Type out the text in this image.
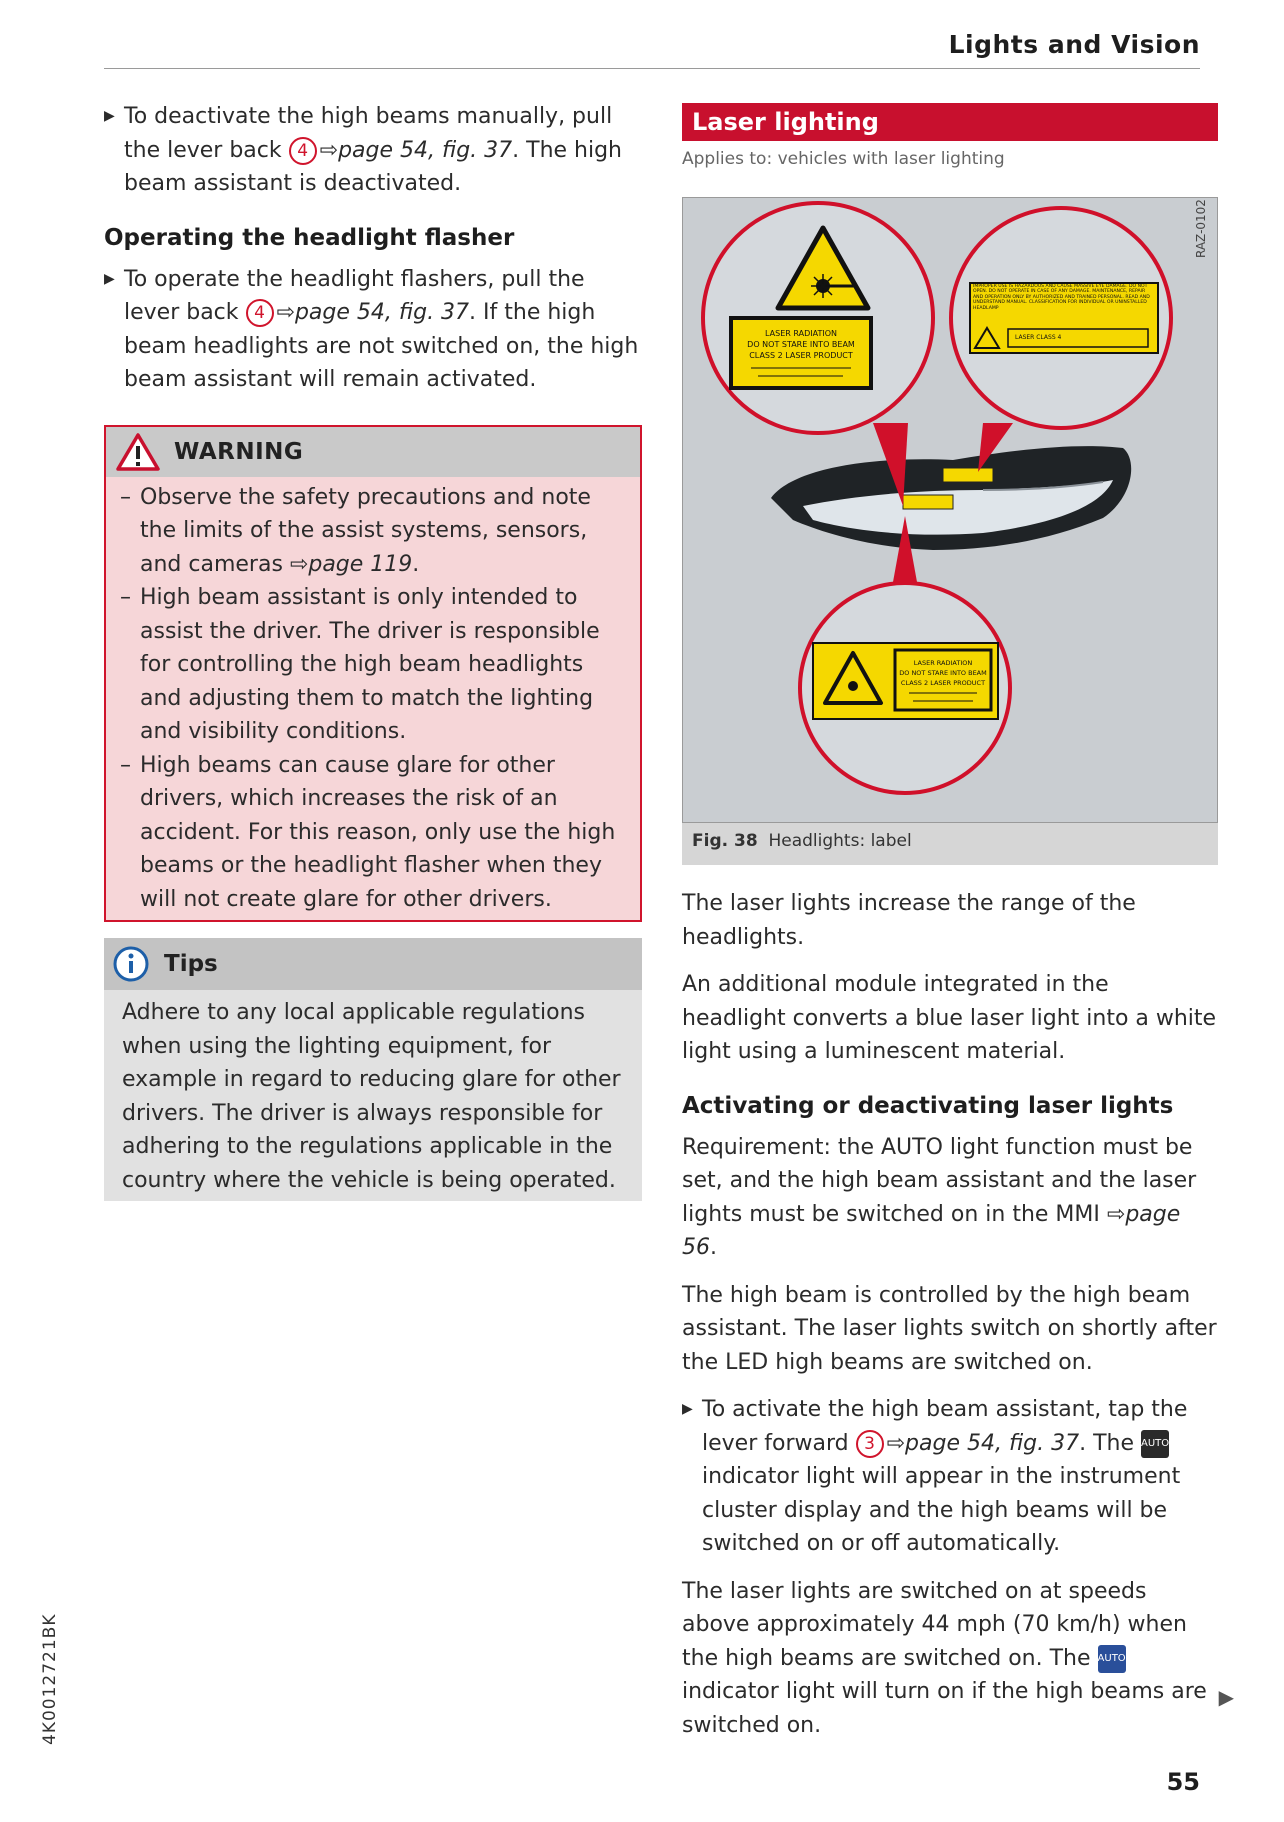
Lights and Vision
▶ To deactivate the high beams manually, pull the lever back 4 ⇨page 54, fig. 37. The high beam assistant is deactivated.
Operating the headlight flasher
▶ To operate the headlight flashers, pull the lever back 4 ⇨page 54, fig. 37. If the high beam headlights are not switched on, the high beam assistant will remain activated.
WARNING
– Observe the safety precautions and note the limits of the assist systems, sensors, and cameras ⇨page 119.
– High beam assistant is only intended to assist the driver. The driver is responsible for controlling the high beam headlights and adjusting them to match the lighting and visibility conditions.
– High beams can cause glare for other drivers, which increases the risk of an accident. For this reason, only use the high beams or the headlight flasher when they will not create glare for other drivers.
Tips

Adhere to any local applicable regulations when using the lighting equipment, for example in regard to reducing glare for other drivers. The driver is always responsible for adhering to the regulations applicable in the country where the vehicle is being operated.

Laser lighting
Applies to: vehicles with laser lighting
RAZ-0102
LASER RADIATION
DO NOT STARE INTO BEAM
CLASS 2 LASER PRODUCT
IMPROPER USE IS HAZARDOUS AND CAUSE MASSIVE EYE DAMAGE. DO NOT OPEN. DO NOT OPERATE IN CASE OF ANY DAMAGE. MAINTENANCE, REPAIR AND OPERATION ONLY BY AUTHORIZED AND TRAINED PERSONAL. READ AND UNDERSTAND MANUAL. CLASSIFICATION FOR INDIVIDUAL OR UNINSTALLED HEADLAMP
LASER CLASS 4
LASER RADIATION
DO NOT STARE INTO BEAM
CLASS 2 LASER PRODUCT
Fig. 38 Headlights: label

The laser lights increase the range of the headlights.

An additional module integrated in the headlight converts a blue laser light into a white light using a luminescent material.

Activating or deactivating laser lights

Requirement: the AUTO light function must be set, and the high beam assistant and the laser lights must be switched on in the MMI ⇨page 56.

The high beam is controlled by the high beam assistant. The laser lights switch on shortly after the LED high beams are switched on.

▶ To activate the high beam assistant, tap the lever forward 3 ⇨page 54, fig. 37. The AUTO indicator light will appear in the instrument cluster display and the high beams will be switched on or off automatically.

The laser lights are switched on at speeds above approximately 44 mph (70 km/h) when the high beams are switched on. The AUTO indicator light will turn on if the high beams are switched on.

▶
4K0012721BK
55
